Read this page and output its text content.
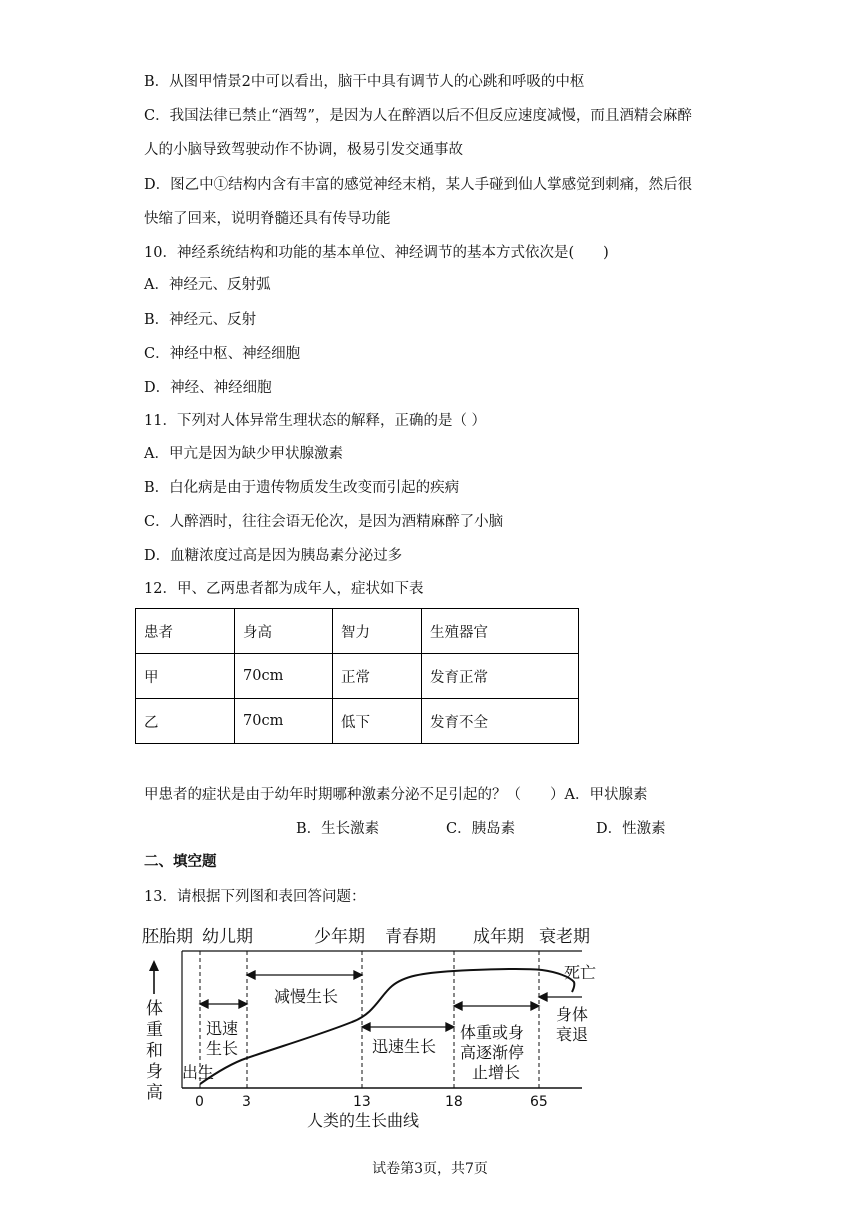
B．从图甲情景2中可以看出，脑干中具有调节人的心跳和呼吸的中枢
C．我国法律已禁止“酒驾”，是因为人在醉酒以后不但反应速度减慢，而且酒精会麻醉
人的小脑导致驾驶动作不协调，极易引发交通事故
D．图乙中①结构内含有丰富的感觉神经末梢，某人手碰到仙人掌感觉到刺痛，然后很
快缩了回来，说明脊髓还具有传导功能
10．神经系统结构和功能的基本单位、神经调节的基本方式依次是(　　)
A．神经元、反射弧
B．神经元、反射
C．神经中枢、神经细胞
D．神经、神经细胞
11．下列对人体异常生理状态的解释，正确的是（ ）
A．甲亢是因为缺少甲状腺激素
B．白化病是由于遗传物质发生改变而引起的疾病
C．人醉酒时，往往会语无伦次，是因为酒精麻醉了小脑
D．血糖浓度过高是因为胰岛素分泌过多
12．甲、乙两患者都为成年人，症状如下表
患者	身高	智力	生殖器官
甲	70cm	正常	发育正常
乙	70cm	低下	发育不全
甲患者的症状是由于幼年时期哪种激素分泌不足引起的？（　　）A．甲状腺素
B．生长激素	C．胰岛素	D．性激素
二、填空题
13．请根据下列图和表回答问题：
胚胎期 幼儿期	少年期 青春期 成年期 衰老期
体
重
和
身
高
迅速
生长
减慢生长
迅速生长
体重或身
高逐渐停
止增长
身体
衰退
死亡
出生
0	3	13	18	65
人类的生长曲线
试卷第3页，共7页
